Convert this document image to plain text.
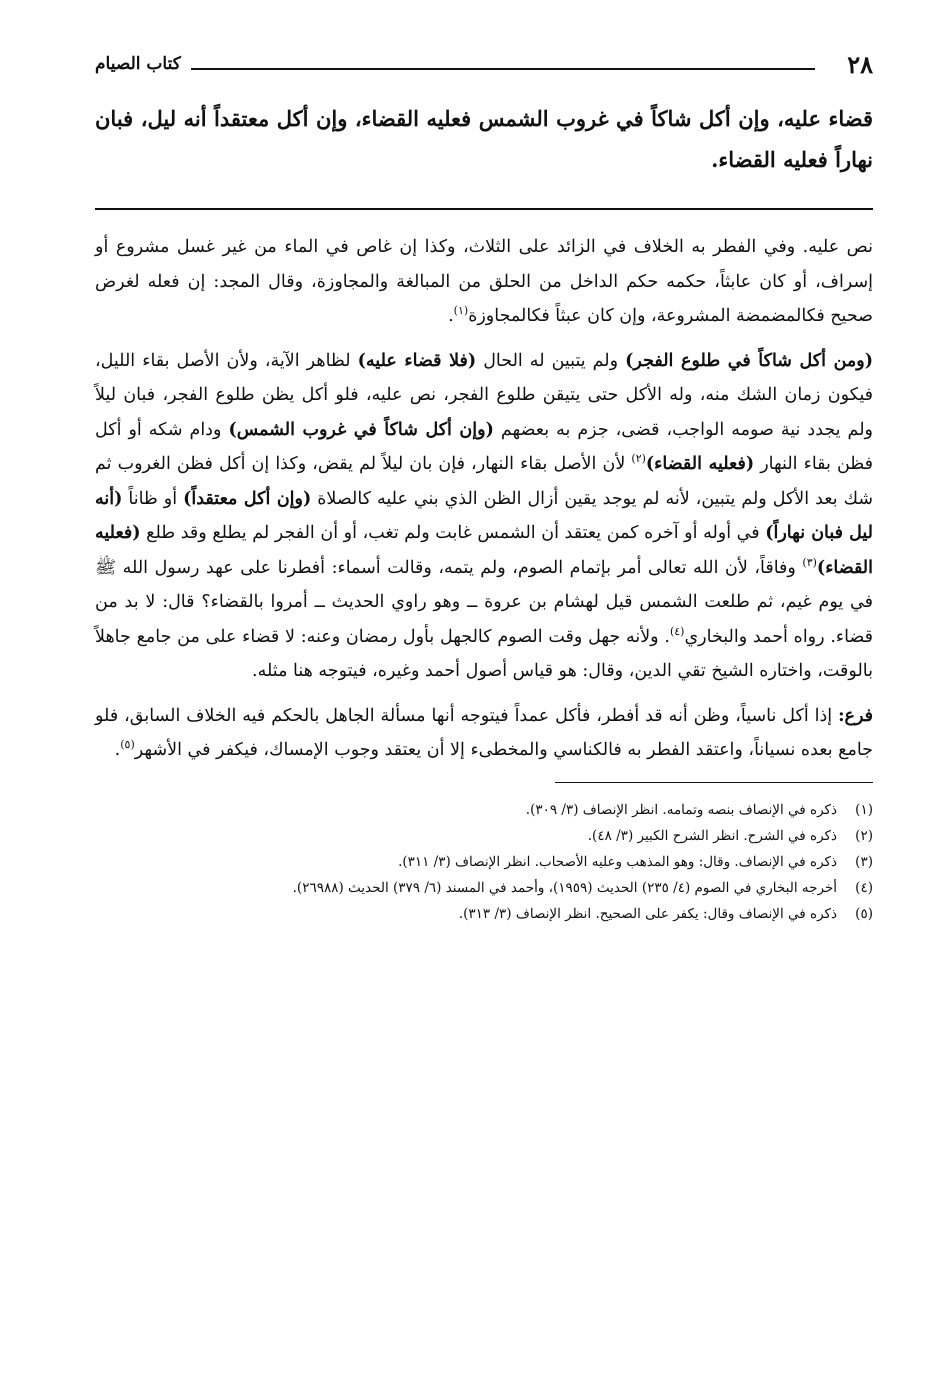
٢٨
كتاب الصيام

قضاء عليه، وإن أكل شاكاً في غروب الشمس فعليه القضاء، وإن أكل معتقداً أنه ليل، فبان نهاراً فعليه القضاء.

نص عليه. وفي الفطر به الخلاف في الزائد على الثلاث، وكذا إن غاص في الماء من غير غسل مشروع أو إسراف، أو كان عابثاً، حكمه حكم الداخل من الحلق من المبالغة والمجاوزة، وقال المجد: إن فعله لغرض صحيح فكالمضمضة المشروعة، وإن كان عبثاً فكالمجاوزة$^{(١)}$.

(ومن أكل شاكاً في طلوع الفجر) ولم يتبين له الحال (فلا قضاء عليه) لظاهر الآية، ولأن الأصل بقاء الليل، فيكون زمان الشك منه، وله الأكل حتى يتيقن طلوع الفجر، نص عليه، فلو أكل يظن طلوع الفجر، فبان ليلاً ولم يجدد نية صومه الواجب، قضى، جزم به بعضهم (وإن أكل شاكاً في غروب الشمس) ودام شكه أو أكل فظن بقاء النهار (فعليه القضاء)$^{(٢)}$ لأن الأصل بقاء النهار، فإن بان ليلاً لم يقض، وكذا إن أكل فظن الغروب ثم شك بعد الأكل ولم يتبين، لأنه لم يوجد يقين أزال الظن الذي بني عليه كالصلاة (وإن أكل معتقداً) أو ظاناً (أنه ليل فبان نهاراً) في أوله أو آخره كمن يعتقد أن الشمس غابت ولم تغب، أو أن الفجر لم يطلع وقد طلع (فعليه القضاء)$^{(٣)}$ وفاقاً، لأن الله تعالى أمر بإتمام الصوم، ولم يتمه، وقالت أسماء: أفطرنا على عهد رسول الله ﷺ في يوم غيم، ثم طلعت الشمس قيل لهشام بن عروة ــ وهو راوي الحديث ــ أمروا بالقضاء؟ قال: لا بد من قضاء. رواه أحمد والبخاري$^{(٤)}$. ولأنه جهل وقت الصوم كالجهل بأول رمضان وعنه: لا قضاء على من جامع جاهلاً بالوقت، واختاره الشيخ تقي الدين، وقال: هو قياس أصول أحمد وغيره، فيتوجه هنا مثله.

فرع: إذا أكل ناسياً، وظن أنه قد أفطر، فأكل عمداً فيتوجه أنها مسألة الجاهل بالحكم فيه الخلاف السابق، فلو جامع بعده نسياناً، واعتقد الفطر به فالكناسي والمخطىء إلا أن يعتقد وجوب الإمساك، فيكفر في الأشهر$^{(٥)}$.

(١)
ذكره في الإنصاف بنصه وتمامه. انظر الإنصاف (٣/ ٣٠٩).
(٢)
ذكره في الشرح. انظر الشرح الكبير (٣/ ٤٨).
(٣)
ذكره في الإنصاف. وقال: وهو المذهب وعليه الأصحاب. انظر الإنصاف (٣/ ٣١١).
(٤)
أخرجه البخاري في الصوم (٤/ ٢٣٥) الحديث (١٩٥٩)، وأحمد في المسند (٦/ ٣٧٩) الحديث (٢٦٩٨٨).
(٥)
ذكره في الإنصاف وقال: يكفر على الصحيح. انظر الإنصاف (٣/ ٣١٣).
